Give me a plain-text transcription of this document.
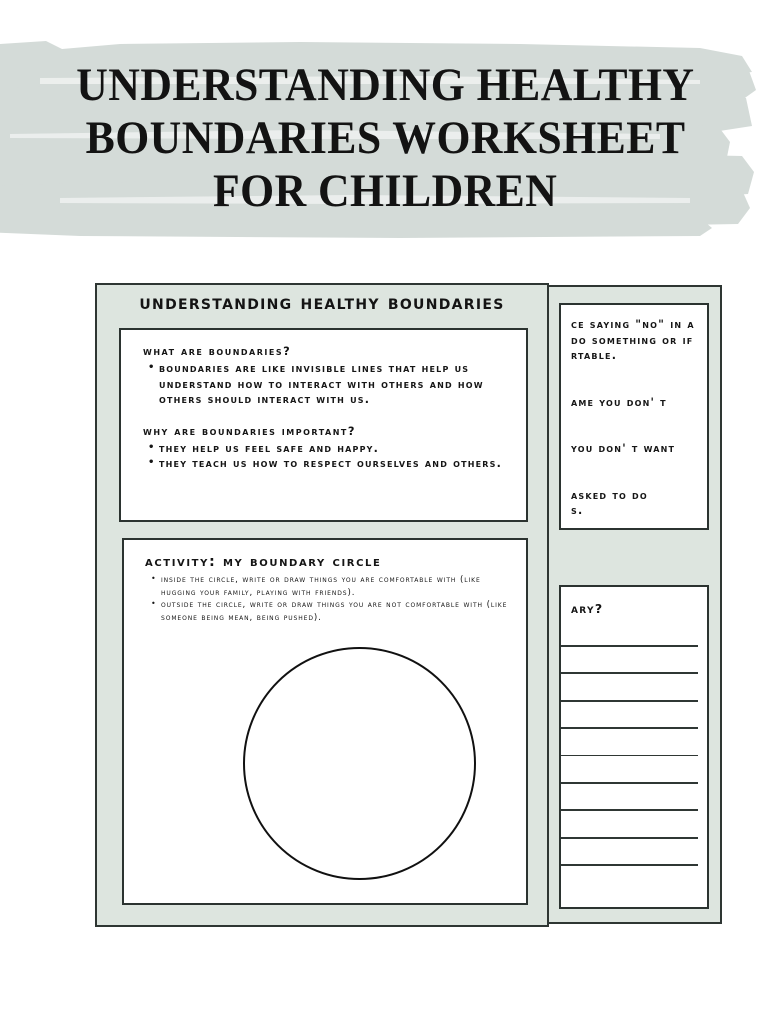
UNDERSTANDING HEALTHY
BOUNDARIES WORKSHEET
FOR CHILDREN
ce saying "no" in a
do something or if
rtable.
ame you don' t
you don' t want
asked to do
s.
ary?
understanding healthy boundaries
what are boundaries?
• boundaries are like invisible lines that help us understand how to interact with others and how others should interact with us.
why are boundaries important?
• they help us feel safe and happy.
• they teach us how to respect ourselves and others.
activity: my boundary circle
• inside the circle, write or draw things you are comfortable with (like hugging your family, playing with friends).
• outside the circle, write or draw things you are not comfortable with (like someone being mean, being pushed).
